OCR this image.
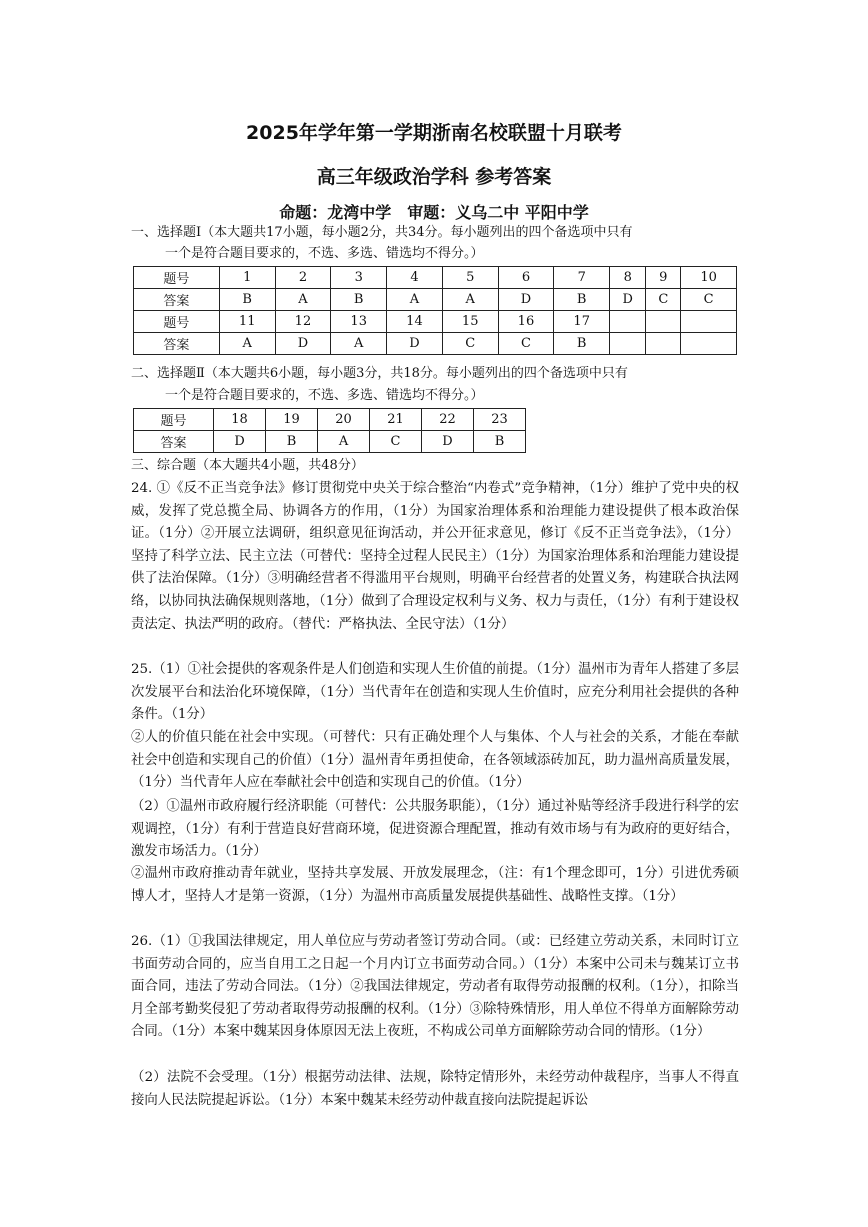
2025年学年第一学期浙南名校联盟十月联考
高三年级政治学科 参考答案
命题：龙湾中学　审题：义乌二中 平阳中学
一、选择题Ⅰ（本大题共17小题，每小题2分，共34分。每小题列出的四个备选项中只有
一个是符合题目要求的，不选、多选、错选均不得分。）
题号	1	2	3	4	5	6	7	8	9	10
答案	B	A	B	A	A	D	B	D	C	C
题号	11	12	13	14	15	16	17			
答案	A	D	A	D	C	C	B			
二、选择题Ⅱ（本大题共6小题，每小题3分，共18分。每小题列出的四个备选项中只有
一个是符合题目要求的，不选、多选、错选均不得分。）
题号	18	19	20	21	22	23
答案	D	B	A	C	D	B
三、综合题（本大题共4小题，共48分）
24. ①《反不正当竞争法》修订贯彻党中央关于综合整治“内卷式”竞争精神，（1分）维护了党中央的权威，发挥了党总揽全局、协调各方的作用，（1分）为国家治理体系和治理能力建设提供了根本政治保证。（1分）②开展立法调研，组织意见征询活动，并公开征求意见，修订《反不正当竞争法》，（1分）坚持了科学立法、民主立法（可替代：坚持全过程人民民主）（1分）为国家治理体系和治理能力建设提供了法治保障。（1分）③明确经营者不得滥用平台规则，明确平台经营者的处置义务，构建联合执法网络，以协同执法确保规则落地，（1分）做到了合理设定权利与义务、权力与责任，（1分）有利于建设权责法定、执法严明的政府。（替代：严格执法、全民守法）（1分）
25.（1）①社会提供的客观条件是人们创造和实现人生价值的前提。（1分）温州市为青年人搭建了多层次发展平台和法治化环境保障，（1分）当代青年在创造和实现人生价值时，应充分利用社会提供的各种条件。（1分）
②人的价值只能在社会中实现。（可替代：只有正确处理个人与集体、个人与社会的关系，才能在奉献社会中创造和实现自己的价值）（1分）温州青年勇担使命，在各领域添砖加瓦，助力温州高质量发展，（1分）当代青年人应在奉献社会中创造和实现自己的价值。（1分）
（2）①温州市政府履行经济职能（可替代：公共服务职能），（1分）通过补贴等经济手段进行科学的宏观调控，（1分）有利于营造良好营商环境，促进资源合理配置，推动有效市场与有为政府的更好结合，激发市场活力。（1分）
②温州市政府推动青年就业，坚持共享发展、开放发展理念，（注：有1个理念即可，1分）引进优秀硕博人才，坚持人才是第一资源，（1分）为温州市高质量发展提供基础性、战略性支撑。（1分）
26.（1）①我国法律规定，用人单位应与劳动者签订劳动合同。（或：已经建立劳动关系，未同时订立书面劳动合同的，应当自用工之日起一个月内订立书面劳动合同。）（1分）本案中公司未与魏某订立书面合同，违法了劳动合同法。（1分）②我国法律规定，劳动者有取得劳动报酬的权利。（1分），扣除当月全部考勤奖侵犯了劳动者取得劳动报酬的权利。（1分）③除特殊情形，用人单位不得单方面解除劳动合同。（1分）本案中魏某因身体原因无法上夜班，不构成公司单方面解除劳动合同的情形。（1分）
（2）法院不会受理。（1分）根据劳动法律、法规，除特定情形外，未经劳动仲裁程序，当事人不得直接向人民法院提起诉讼。（1分）本案中魏某未经劳动仲裁直接向法院提起诉讼
